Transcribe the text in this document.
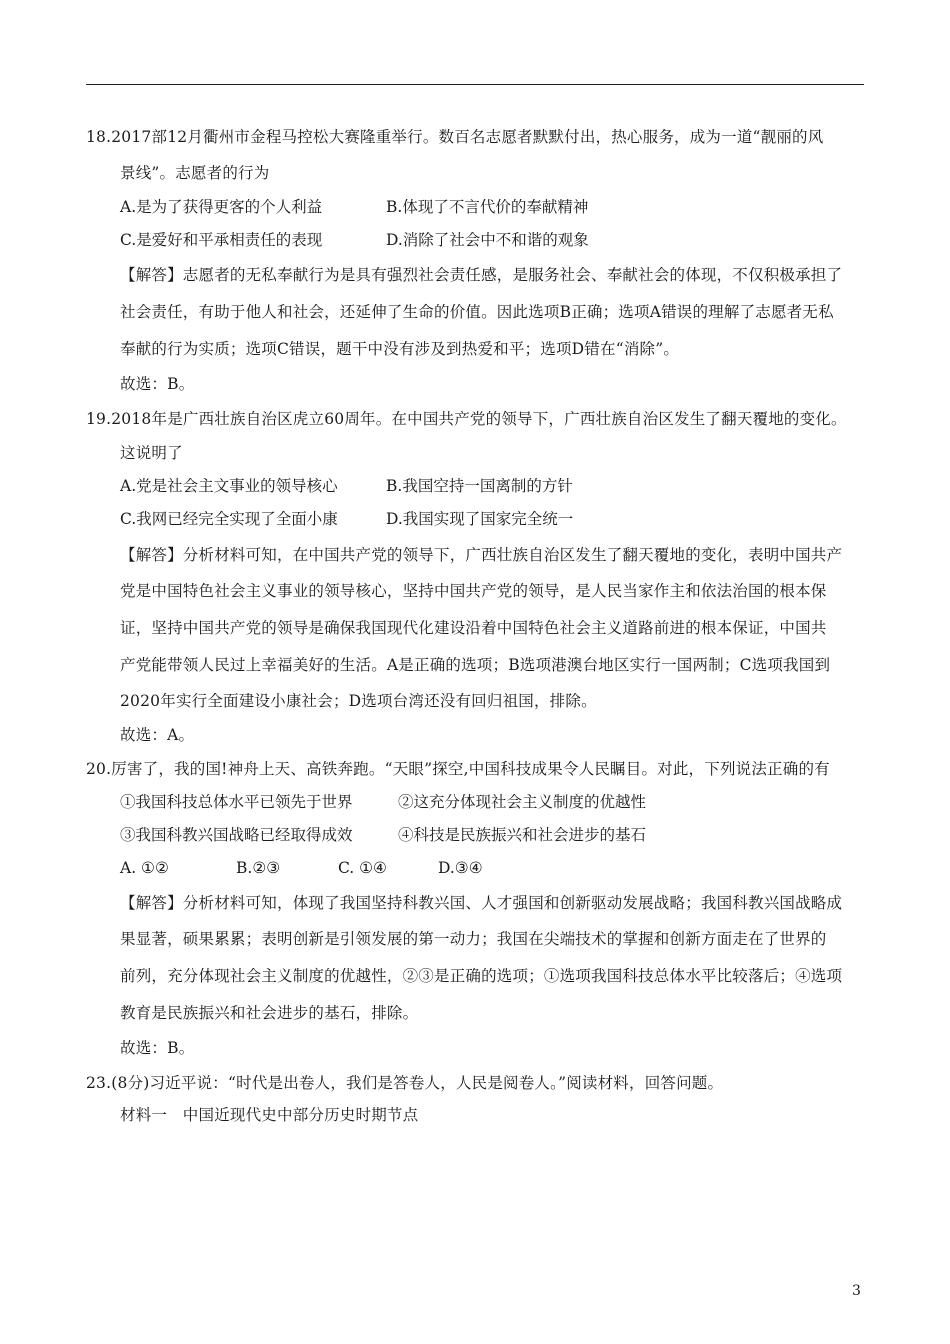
18.2017部12月衢州市金程马控松大赛隆重举行。数百名志愿者默默付出，热心服务，成为一道“靓丽的风
景线”。志愿者的行为
A.是为了获得更客的个人利益	B.体现了不言代价的奉献精神
C.是爱好和平承相责任的表现	D.消除了社会中不和谐的观象
【解答】志愿者的无私奉献行为是具有强烈社会责任感，是服务社会、奉献社会的体现，不仅积极承担了
社会责任，有助于他人和社会，还延伸了生命的价值。因此选项B正确；选项A错误的理解了志愿者无私
奉献的行为实质；选项C错误，题干中没有涉及到热爱和平；选项D错在“消除”。
故选：B。
19.2018年是广西壮族自治区虎立60周年。在中国共产党的领导下，广西壮族自治区发生了翻天覆地的变化。
这说明了
A.党是社会主文事业的领导核心	B.我国空持一国离制的方针
C.我网已经完全实现了全面小康	D.我国实现了国家完全统一
【解答】分析材料可知，在中国共产党的领导下，广西壮族自治区发生了翻天覆地的变化，表明中国共产
党是中国特色社会主义事业的领导核心，坚持中国共产党的领导，是人民当家作主和依法治国的根本保
证，坚持中国共产党的领导是确保我国现代化建设沿着中国特色社会主义道路前进的根本保证，中国共
产党能带领人民过上幸福美好的生活。A是正确的选项；B选项港澳台地区实行一国两制；C选项我国到
2020年实行全面建设小康社会；D选项台湾还没有回归祖国，排除。
故选：A。
20.厉害了，我的国!神舟上天、高铁奔跑。“天眼”探空,中国科技成果令人民瞩目。对此，下列说法正确的有
①我国科技总体水平已领先于世界	②这充分体现社会主义制度的优越性
③我国科教兴国战略已经取得成效	④科技是民族振兴和社会进步的基石
A. ①②	B.②③	C. ①④	D.③④
【解答】分析材料可知，体现了我国坚持科教兴国、人才强国和创新驱动发展战略；我国科教兴国战略成
果显著，硕果累累；表明创新是引领发展的第一动力；我国在尖端技术的掌握和创新方面走在了世界的
前列，充分体现社会主义制度的优越性，②③是正确的选项；①选项我国科技总体水平比较落后；④选项
教育是民族振兴和社会进步的基石，排除。
故选：B。
23.(8分)习近平说：“时代是出卷人，我们是答卷人，人民是阅卷人。”阅读材料，回答问题。
材料一　中国近现代史中部分历史时期节点
3
